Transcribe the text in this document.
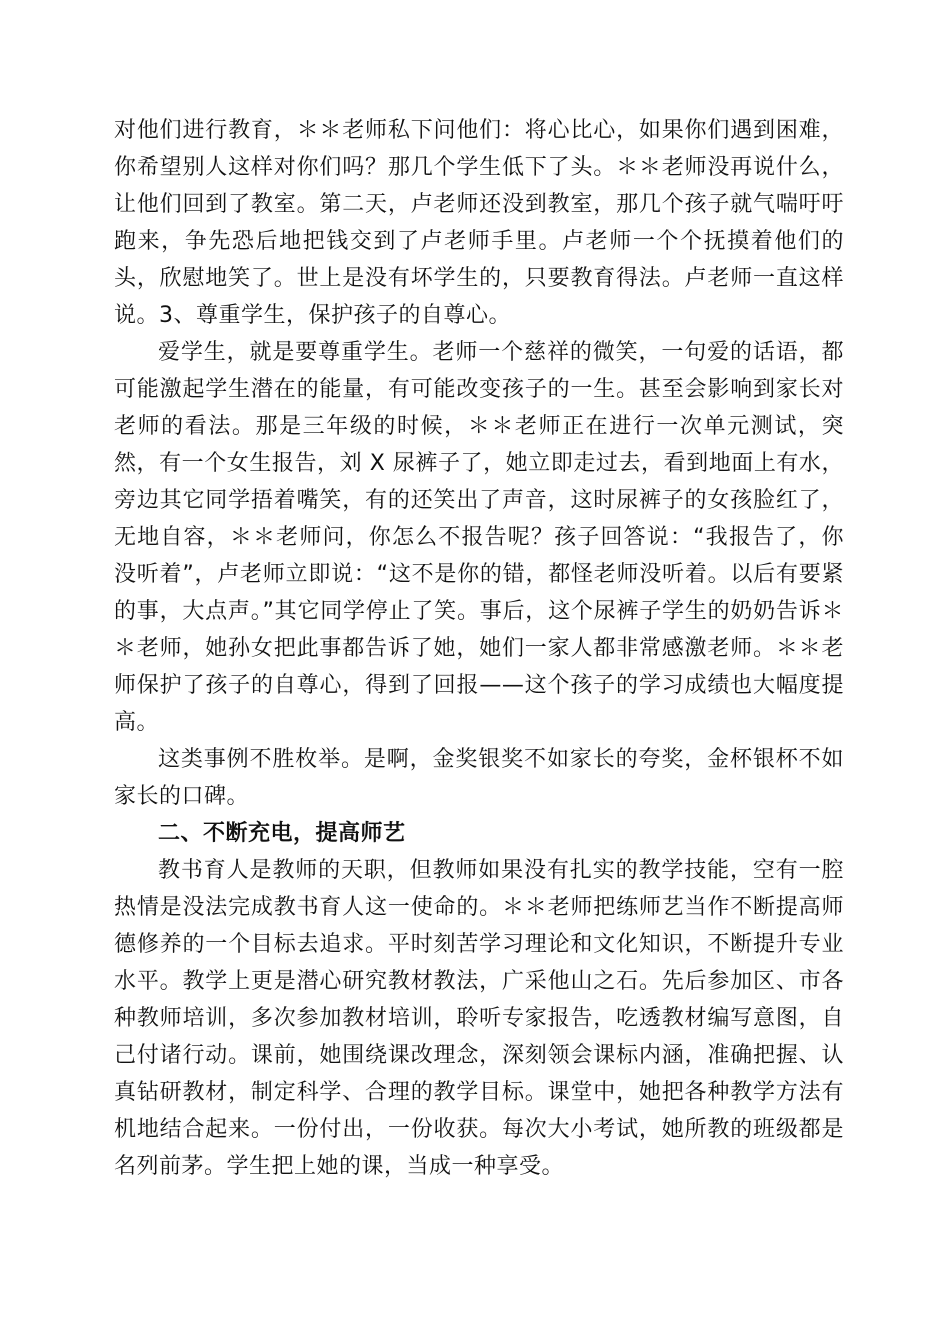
对他们进行教育，＊＊老师私下问他们：将心比心，如果你们遇到困难，你希望别人这样对你们吗？那几个学生低下了头。＊＊老师没再说什么，让他们回到了教室。第二天，卢老师还没到教室，那几个孩子就气喘吁吁跑来，争先恐后地把钱交到了卢老师手里。卢老师一个个抚摸着他们的头，欣慰地笑了。世上是没有坏学生的，只要教育得法。卢老师一直这样说。3、尊重学生，保护孩子的自尊心。

爱学生，就是要尊重学生。老师一个慈祥的微笑，一句爱的话语，都可能激起学生潜在的能量，有可能改变孩子的一生。甚至会影响到家长对老师的看法。那是三年级的时候，＊＊老师正在进行一次单元测试，突然，有一个女生报告，刘 X 尿裤子了，她立即走过去，看到地面上有水，旁边其它同学捂着嘴笑，有的还笑出了声音，这时尿裤子的女孩脸红了，无地自容，＊＊老师问，你怎么不报告呢？孩子回答说：“我报告了，你没听着”，卢老师立即说：“这不是你的错，都怪老师没听着。以后有要紧的事，大点声。”其它同学停止了笑。事后，这个尿裤子学生的奶奶告诉＊＊老师，她孙女把此事都告诉了她，她们一家人都非常感激老师。＊＊老师保护了孩子的自尊心，得到了回报——这个孩子的学习成绩也大幅度提高。

这类事例不胜枚举。是啊，金奖银奖不如家长的夸奖，金杯银杯不如家长的口碑。

二、不断充电，提高师艺

教书育人是教师的天职，但教师如果没有扎实的教学技能，空有一腔热情是没法完成教书育人这一使命的。＊＊老师把练师艺当作不断提高师德修养的一个目标去追求。平时刻苦学习理论和文化知识，不断提升专业水平。教学上更是潜心研究教材教法，广采他山之石。先后参加区、市各种教师培训，多次参加教材培训，聆听专家报告，吃透教材编写意图，自己付诸行动。课前，她围绕课改理念，深刻领会课标内涵，准确把握、认真钻研教材，制定科学、合理的教学目标。课堂中，她把各种教学方法有机地结合起来。一份付出，一份收获。每次大小考试，她所教的班级都是名列前茅。学生把上她的课，当成一种享受。
